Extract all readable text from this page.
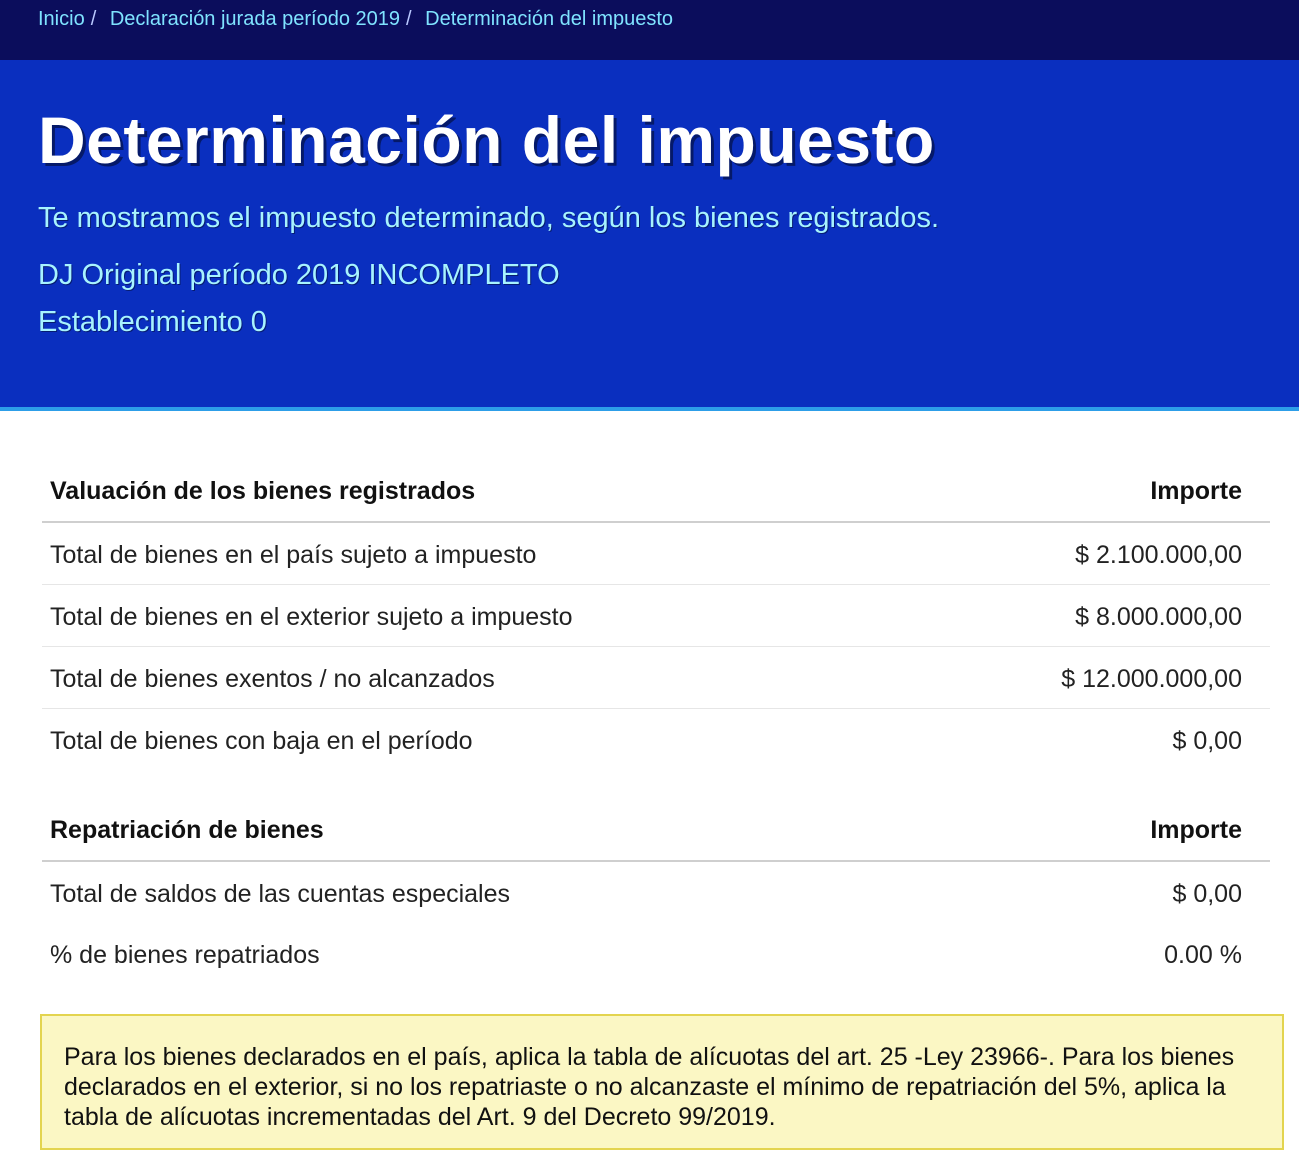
Inicio / Declaración jurada período 2019 / Determinación del impuesto
Determinación del impuesto

Te mostramos el impuesto determinado, según los bienes registrados.

DJ Original período 2019 INCOMPLETO

Establecimiento 0

Valuación de los bienes registrados	Importe
Total de bienes en el país sujeto a impuesto	$ 2.100.000,00
Total de bienes en el exterior sujeto a impuesto	$ 8.000.000,00
Total de bienes exentos / no alcanzados	$ 12.000.000,00
Total de bienes con baja en el período	$ 0,00
Repatriación de bienes	Importe
Total de saldos de las cuentas especiales	$ 0,00
% de bienes repatriados	0.00 %
Para los bienes declarados en el país, aplica la tabla de alícuotas del art. 25 -Ley 23966-. Para los bienes declarados en el exterior, si no los repatriaste o no alcanzaste el mínimo de repatriación del 5%, aplica la tabla de alícuotas incrementadas del Art. 9 del Decreto 99/2019.
